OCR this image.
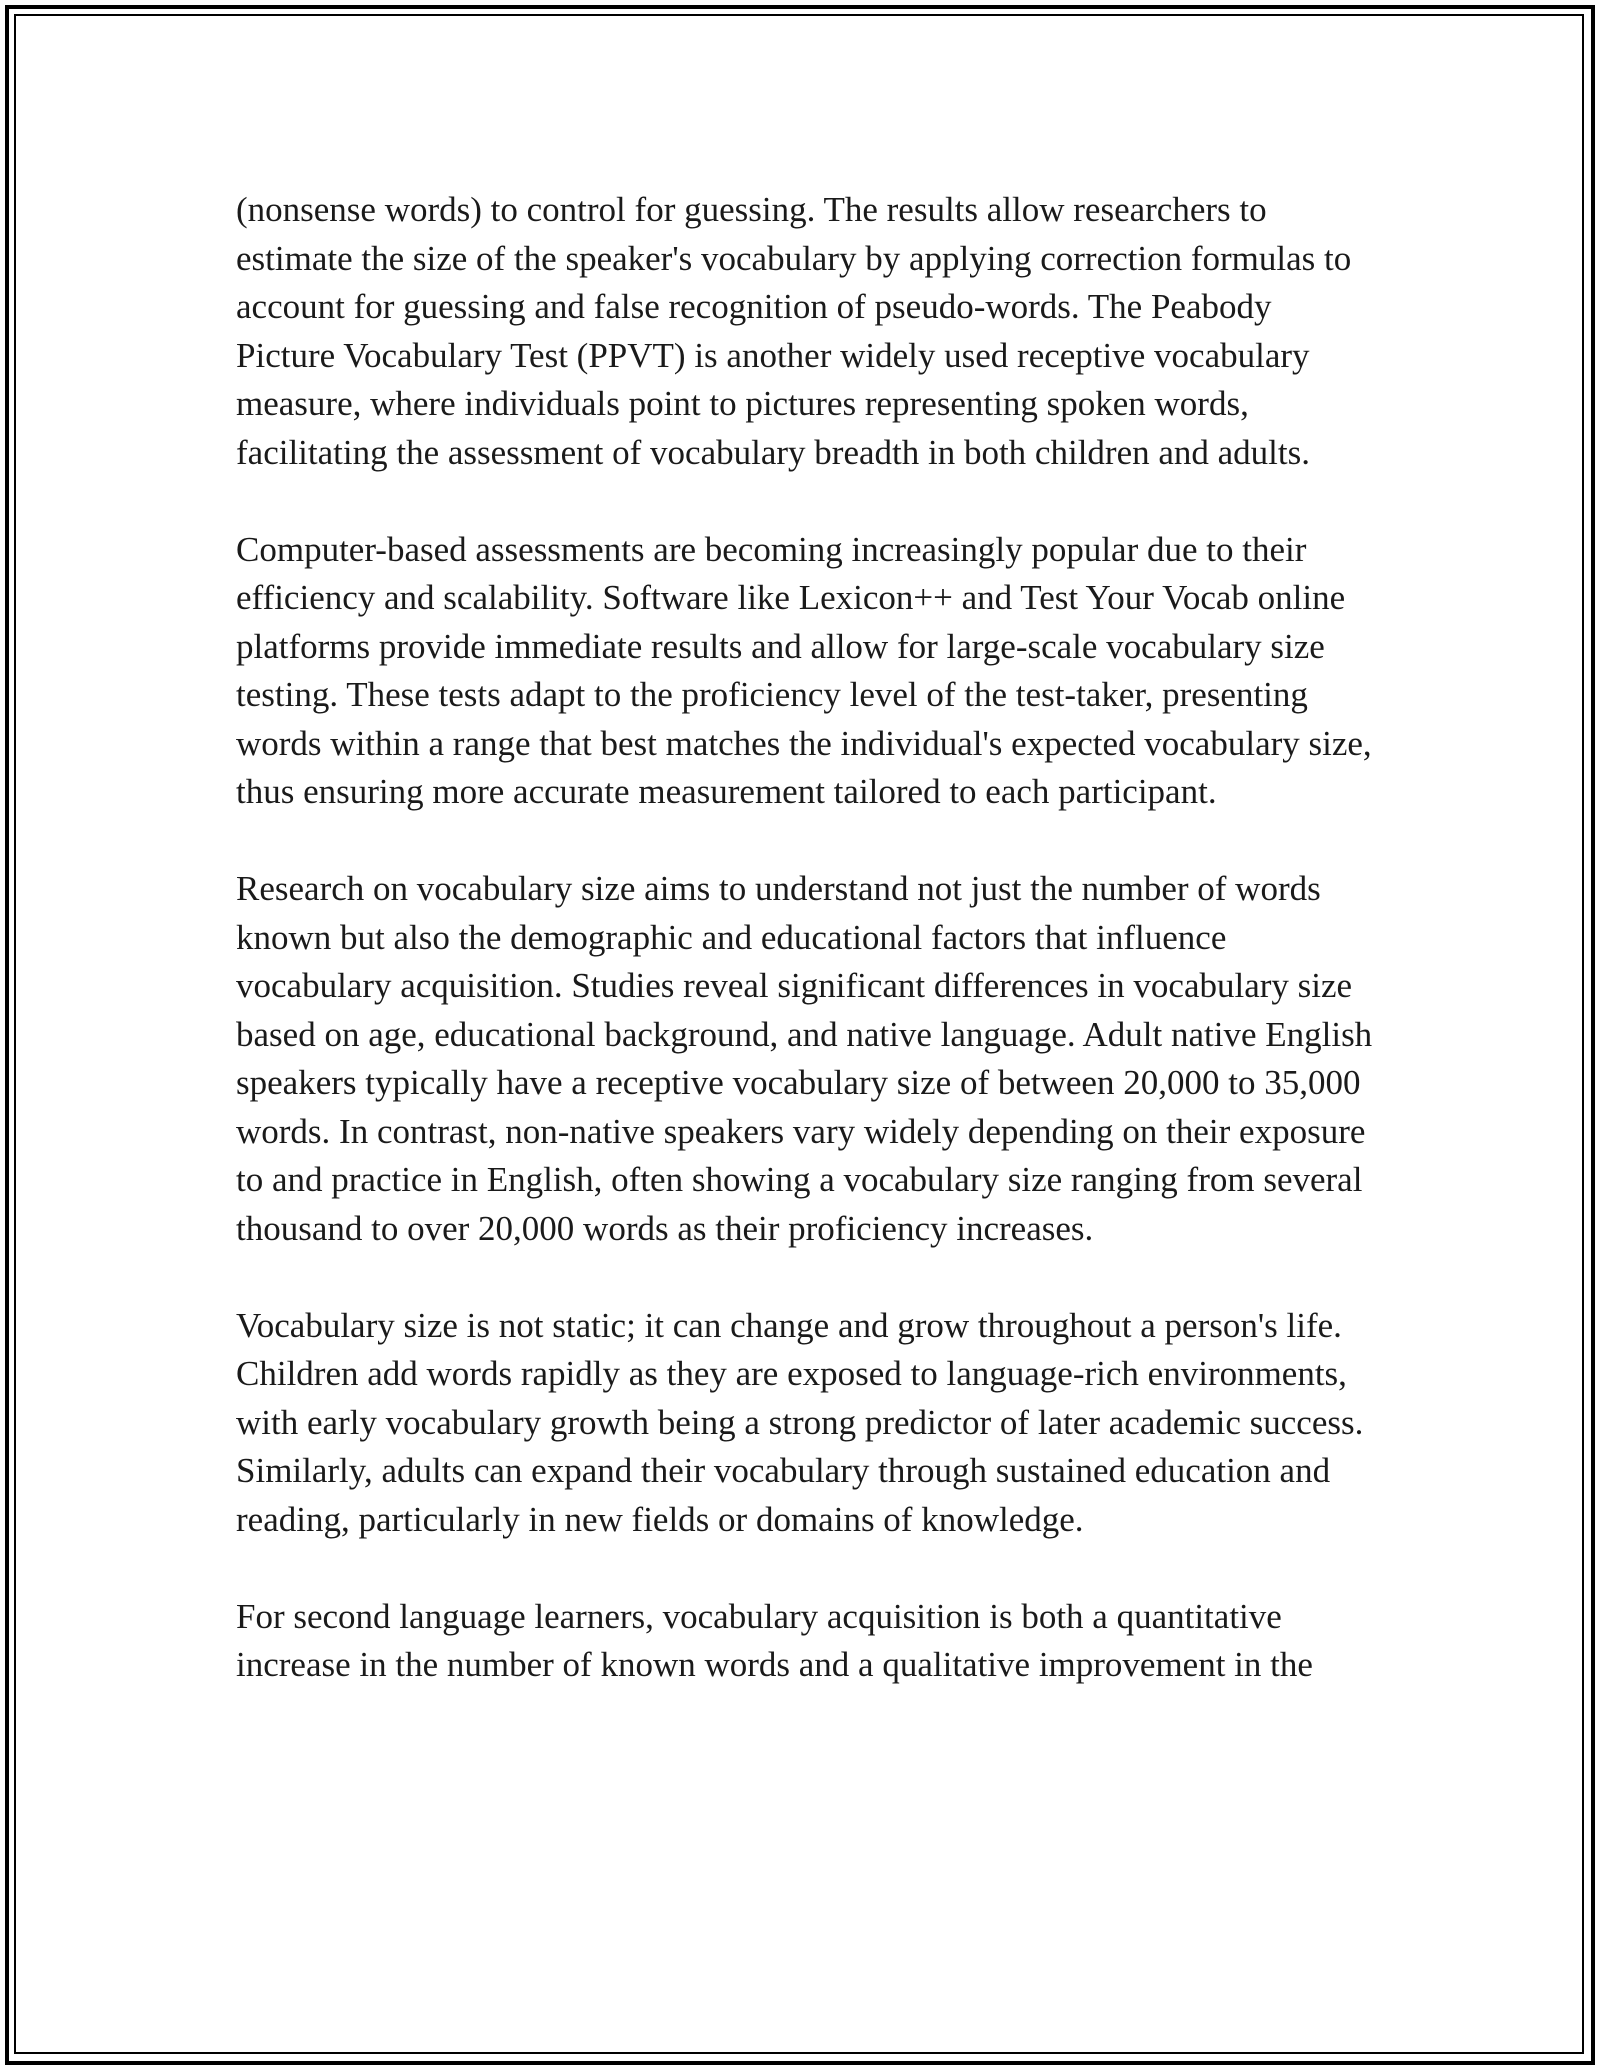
(nonsense words) to control for guessing. The results allow researchers to estimate the size of the speaker's vocabulary by applying correction formulas to account for guessing and false recognition of pseudo-words. The Peabody Picture Vocabulary Test (PPVT) is another widely used receptive vocabulary measure, where individuals point to pictures representing spoken words, facilitating the assessment of vocabulary breadth in both children and adults.

Computer-based assessments are becoming increasingly popular due to their efficiency and scalability. Software like Lexicon++ and Test Your Vocab online platforms provide immediate results and allow for large-scale vocabulary size testing. These tests adapt to the proficiency level of the test-taker, presenting words within a range that best matches the individual's expected vocabulary size, thus ensuring more accurate measurement tailored to each participant.

Research on vocabulary size aims to understand not just the number of words known but also the demographic and educational factors that influence vocabulary acquisition. Studies reveal significant differences in vocabulary size based on age, educational background, and native language. Adult native English speakers typically have a receptive vocabulary size of between 20,000 to 35,000 words. In contrast, non-native speakers vary widely depending on their exposure to and practice in English, often showing a vocabulary size ranging from several thousand to over 20,000 words as their proficiency increases.

Vocabulary size is not static; it can change and grow throughout a person's life. Children add words rapidly as they are exposed to language-rich environments, with early vocabulary growth being a strong predictor of later academic success. Similarly, adults can expand their vocabulary through sustained education and reading, particularly in new fields or domains of knowledge.

For second language learners, vocabulary acquisition is both a quantitative increase in the number of known words and a qualitative improvement in the
